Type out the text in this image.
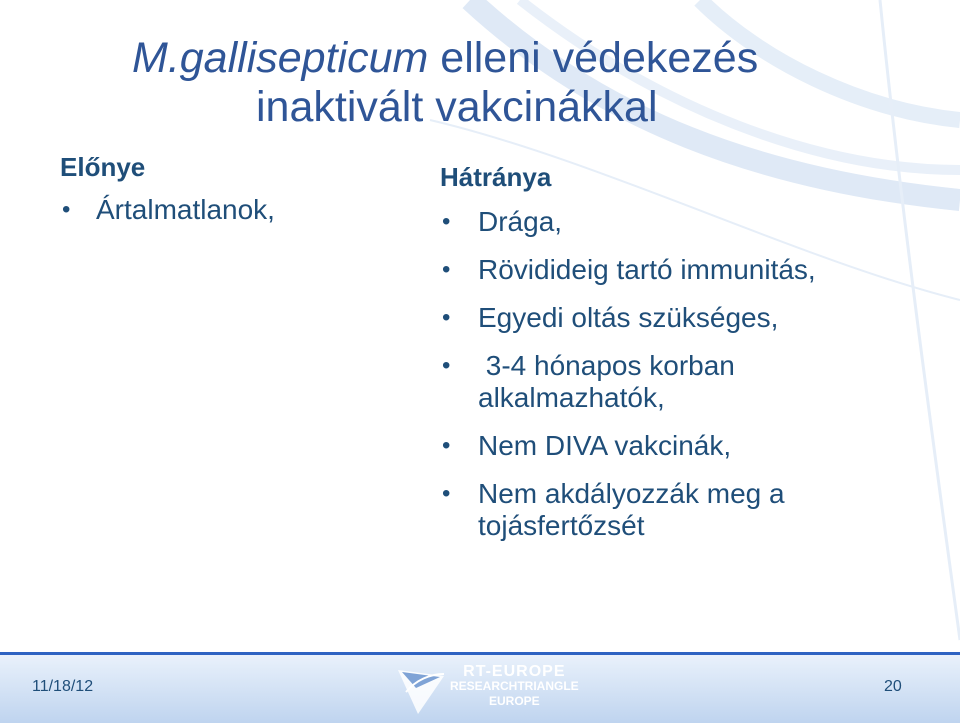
M.gallisepticum elleni védekezés
inaktivált vakcinákkal
Előnye
• Ártalmatlanok,
Hátránya
• Drága,
• Rövidideig tartó immunitás,
• Egyedi oltás szükséges,
• 3-4 hónapos korban alkalmazhatók,
• Nem DIVA vakcinák,
• Nem akdályozzák meg a tojásfertőzsét
11/18/12	20
RT-EUROPE
RESEARCHTRIANGLE
EUROPE
